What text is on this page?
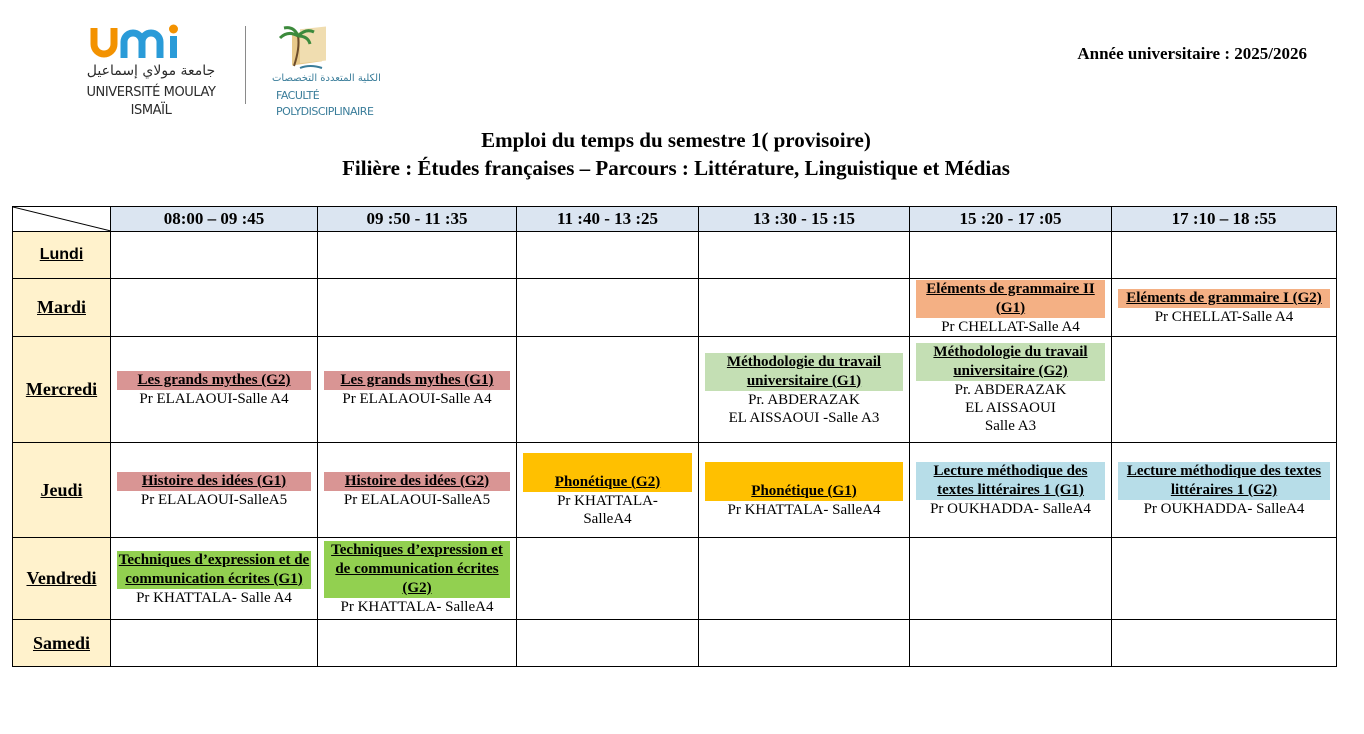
جامعة مولاي إسماعيل
UNIVERSITÉ MOULAY ISMAÏL
الكلية المتعددة التخصصات
FACULTÉ POLYDISCIPLINAIRE
Année universitaire : 2025/2026
Emploi du temps du semestre 1( provisoire)
Filière : Études françaises – Parcours : Littérature, Linguistique et Médias
	08:00 – 09 :45	09 :50 - 11 :35	11 :40 - 13 :25	13 :30 - 15 :15	15 :20 - 17 :05	17 :10 – 18 :55
Lundi						
Mardi					Eléments de grammaire II (G1)
Pr CHELLAT-Salle A4	Eléments de grammaire I (G2)
Pr CHELLAT-Salle A4

Mercredi	Les grands mythes (G2)
Pr ELALAOUI-Salle A4	Les grands mythes (G1)
Pr ELALAOUI-Salle A4		Méthodologie du travail universitaire (G1)
Pr. ABDERAZAK
EL AISSAOUI -Salle A3	Méthodologie du travail universitaire (G2)
Pr. ABDERAZAK
EL AISSAOUI
Salle A3	

Jeudi	Histoire des idées (G1)
Pr ELALAOUI-SalleA5	Histoire des idées (G2)
Pr ELALAOUI-SalleA5	Phonétique (G2)
Pr KHATTALA-
SalleA4	Phonétique (G1)
Pr KHATTALA- SalleA4	Lecture méthodique des textes littéraires 1 (G1)
Pr OUKHADDA- SalleA4	Lecture méthodique des textes littéraires 1 (G2)
Pr OUKHADDA- SalleA4

Vendredi	Techniques d’expression et de communication écrites (G1)
Pr KHATTALA- Salle A4	Techniques d’expression et de communication écrites (G2)
Pr KHATTALA- SalleA4				

Samedi						
